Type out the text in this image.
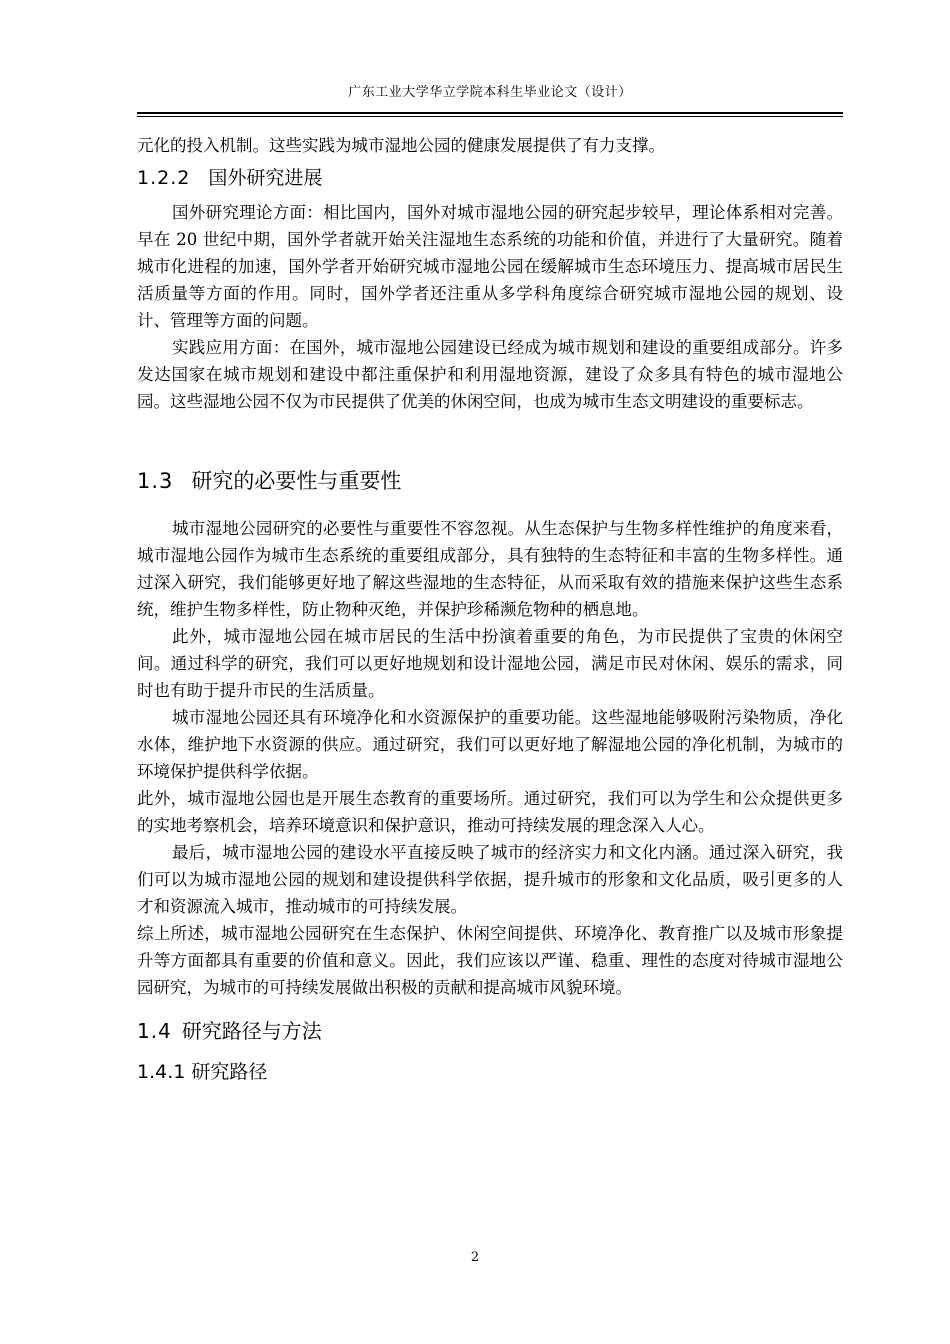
广东工业大学华立学院本科生毕业论文（设计）

元化的投入机制。这些实践为城市湿地公园的健康发展提供了有力支撑。

1.2.2 国外研究进展

国外研究理论方面：相比国内，国外对城市湿地公园的研究起步较早，理论体系相对完善。早在 20 世纪中期，国外学者就开始关注湿地生态系统的功能和价值，并进行了大量研究。随着城市化进程的加速，国外学者开始研究城市湿地公园在缓解城市生态环境压力、提高城市居民生活质量等方面的作用。同时，国外学者还注重从多学科角度综合研究城市湿地公园的规划、设计、管理等方面的问题。

实践应用方面：在国外，城市湿地公园建设已经成为城市规划和建设的重要组成部分。许多发达国家在城市规划和建设中都注重保护和利用湿地资源，建设了众多具有特色的城市湿地公园。这些湿地公园不仅为市民提供了优美的休闲空间，也成为城市生态文明建设的重要标志。

1.3 研究的必要性与重要性

城市湿地公园研究的必要性与重要性不容忽视。从生态保护与生物多样性维护的角度来看，城市湿地公园作为城市生态系统的重要组成部分，具有独特的生态特征和丰富的生物多样性。通过深入研究，我们能够更好地了解这些湿地的生态特征，从而采取有效的措施来保护这些生态系统，维护生物多样性，防止物种灭绝，并保护珍稀濒危物种的栖息地。

此外，城市湿地公园在城市居民的生活中扮演着重要的角色，为市民提供了宝贵的休闲空间。通过科学的研究，我们可以更好地规划和设计湿地公园，满足市民对休闲、娱乐的需求，同时也有助于提升市民的生活质量。

城市湿地公园还具有环境净化和水资源保护的重要功能。这些湿地能够吸附污染物质，净化水体，维护地下水资源的供应。通过研究，我们可以更好地了解湿地公园的净化机制，为城市的环境保护提供科学依据。

此外，城市湿地公园也是开展生态教育的重要场所。通过研究，我们可以为学生和公众提供更多的实地考察机会，培养环境意识和保护意识，推动可持续发展的理念深入人心。

最后，城市湿地公园的建设水平直接反映了城市的经济实力和文化内涵。通过深入研究，我们可以为城市湿地公园的规划和建设提供科学依据，提升城市的形象和文化品质，吸引更多的人才和资源流入城市，推动城市的可持续发展。

综上所述，城市湿地公园研究在生态保护、休闲空间提供、环境净化、教育推广以及城市形象提升等方面都具有重要的价值和意义。因此，我们应该以严谨、稳重、理性的态度对待城市湿地公园研究，为城市的可持续发展做出积极的贡献和提高城市风貌环境。

1.4 研究路径与方法
1.4.1 研究路径
2
